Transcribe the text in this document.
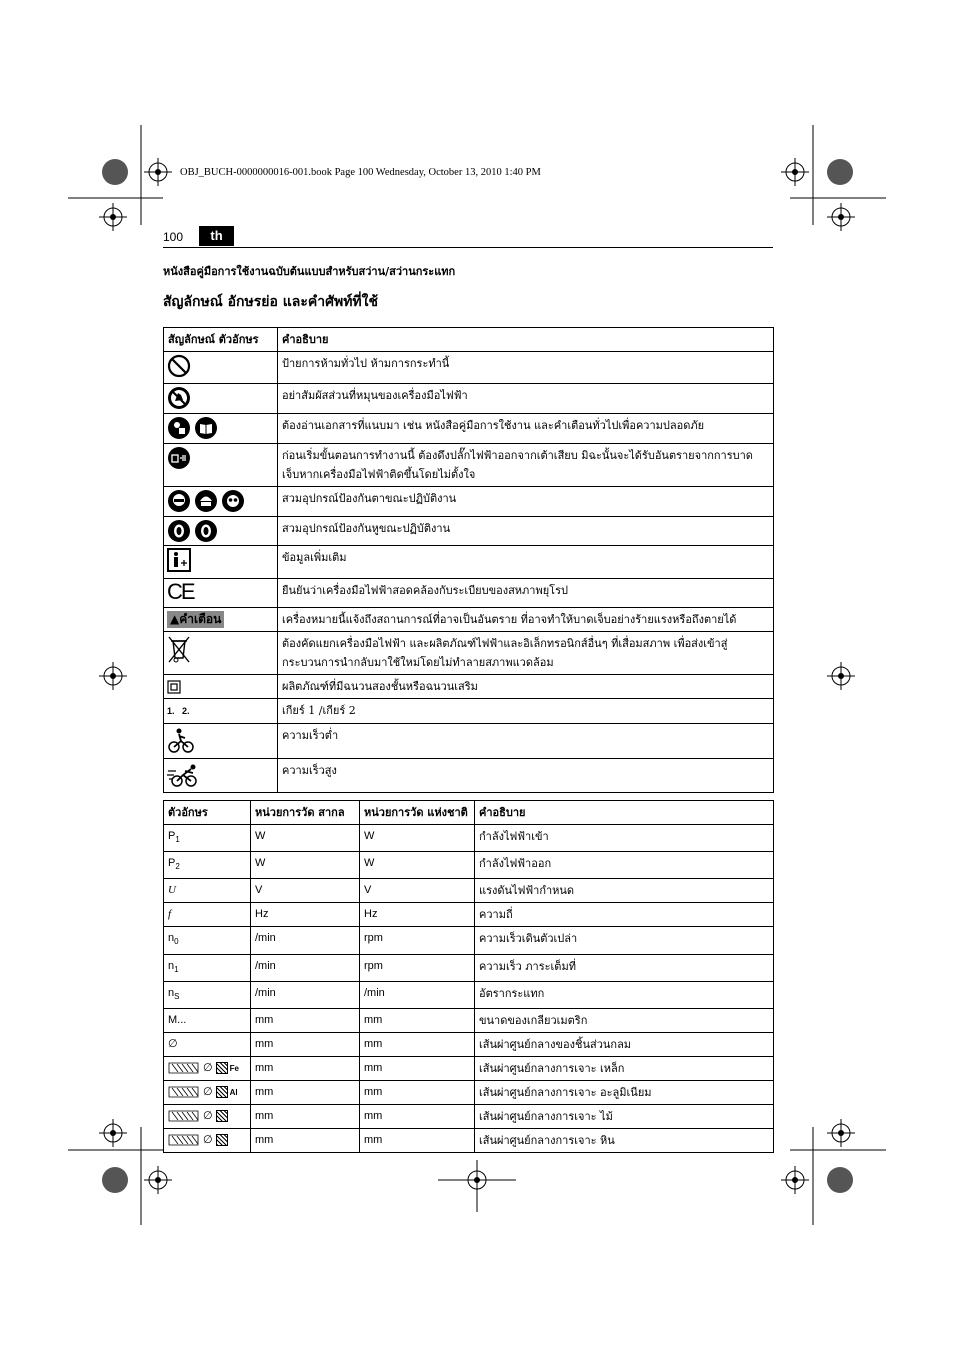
OBJ_BUCH-0000000016-001.book Page 100 Wednesday, October 13, 2010 1:40 PM
100	th
หนังสือคู่มือการใช้งานฉบับต้นแบบสำหรับสว่าน/สว่านกระแทก
สัญลักษณ์ อักษรย่อ และคำศัพท์ที่ใช้
สัญลักษณ์ ตัวอักษร	คำอธิบาย
	ป้ายการห้ามทั่วไป ห้ามการกระทำนี้
	อย่าสัมผัสส่วนที่หมุนของเครื่องมือไฟฟ้า
	ต้องอ่านเอกสารที่แนบมา เช่น หนังสือคู่มือการใช้งาน และคำเตือนทั่วไปเพื่อความปลอดภัย
	ก่อนเริ่มขั้นตอนการทำงานนี้ ต้องดึงปลั๊กไฟฟ้าออกจากเต้าเสียบ มิฉะนั้นจะได้รับอันตรายจากการบาดเจ็บหากเครื่องมือไฟฟ้าติดขึ้นโดยไม่ตั้งใจ
	สวมอุปกรณ์ป้องกันตาขณะปฏิบัติงาน
	สวมอุปกรณ์ป้องกันหูขณะปฏิบัติงาน
	ข้อมูลเพิ่มเติม
CE	ยืนยันว่าเครื่องมือไฟฟ้าสอดคล้องกับระเบียบของสหภาพยุโรป
▲คำเตือน	เครื่องหมายนี้แจ้งถึงสถานการณ์ที่อาจเป็นอันตราย ที่อาจทำให้บาดเจ็บอย่างร้ายแรงหรือถึงตายได้
	ต้องคัดแยกเครื่องมือไฟฟ้า และผลิตภัณฑ์ไฟฟ้าและอิเล็กทรอนิกส์อื่นๆ ที่เสื่อมสภาพ เพื่อส่งเข้าสู่กระบวนการนำกลับมาใช้ใหม่โดยไม่ทำลายสภาพแวดล้อม
	ผลิตภัณฑ์ที่มีฉนวนสองชั้นหรือฉนวนเสริม
1.   2.	เกียร์ 1 /เกียร์ 2
	ความเร็วต่ำ
	ความเร็วสูง
ตัวอักษร	หน่วยการวัด สากล	หน่วยการวัด แห่งชาติ	คำอธิบาย
$P_1$	W	W	กำลังไฟฟ้าเข้า
$P_2$	W	W	กำลังไฟฟ้าออก
U	V	V	แรงดันไฟฟ้ากำหนด
f	Hz	Hz	ความถี่
$n_0$	/min	rpm	ความเร็วเดินตัวเปล่า
$n_1$	/min	rpm	ความเร็ว ภาระเต็มที่
$n_S$	/min	/min	อัตรากระแทก
M...	mm	mm	ขนาดของเกลียวเมตริก
∅	mm	mm	เส้นผ่าศูนย์กลางของชิ้นส่วนกลม
∅ Fe	mm	mm	เส้นผ่าศูนย์กลางการเจาะ เหล็ก
∅ Al	mm	mm	เส้นผ่าศูนย์กลางการเจาะ อะลูมิเนียม
∅	mm	mm	เส้นผ่าศูนย์กลางการเจาะ ไม้
∅	mm	mm	เส้นผ่าศูนย์กลางการเจาะ หิน
